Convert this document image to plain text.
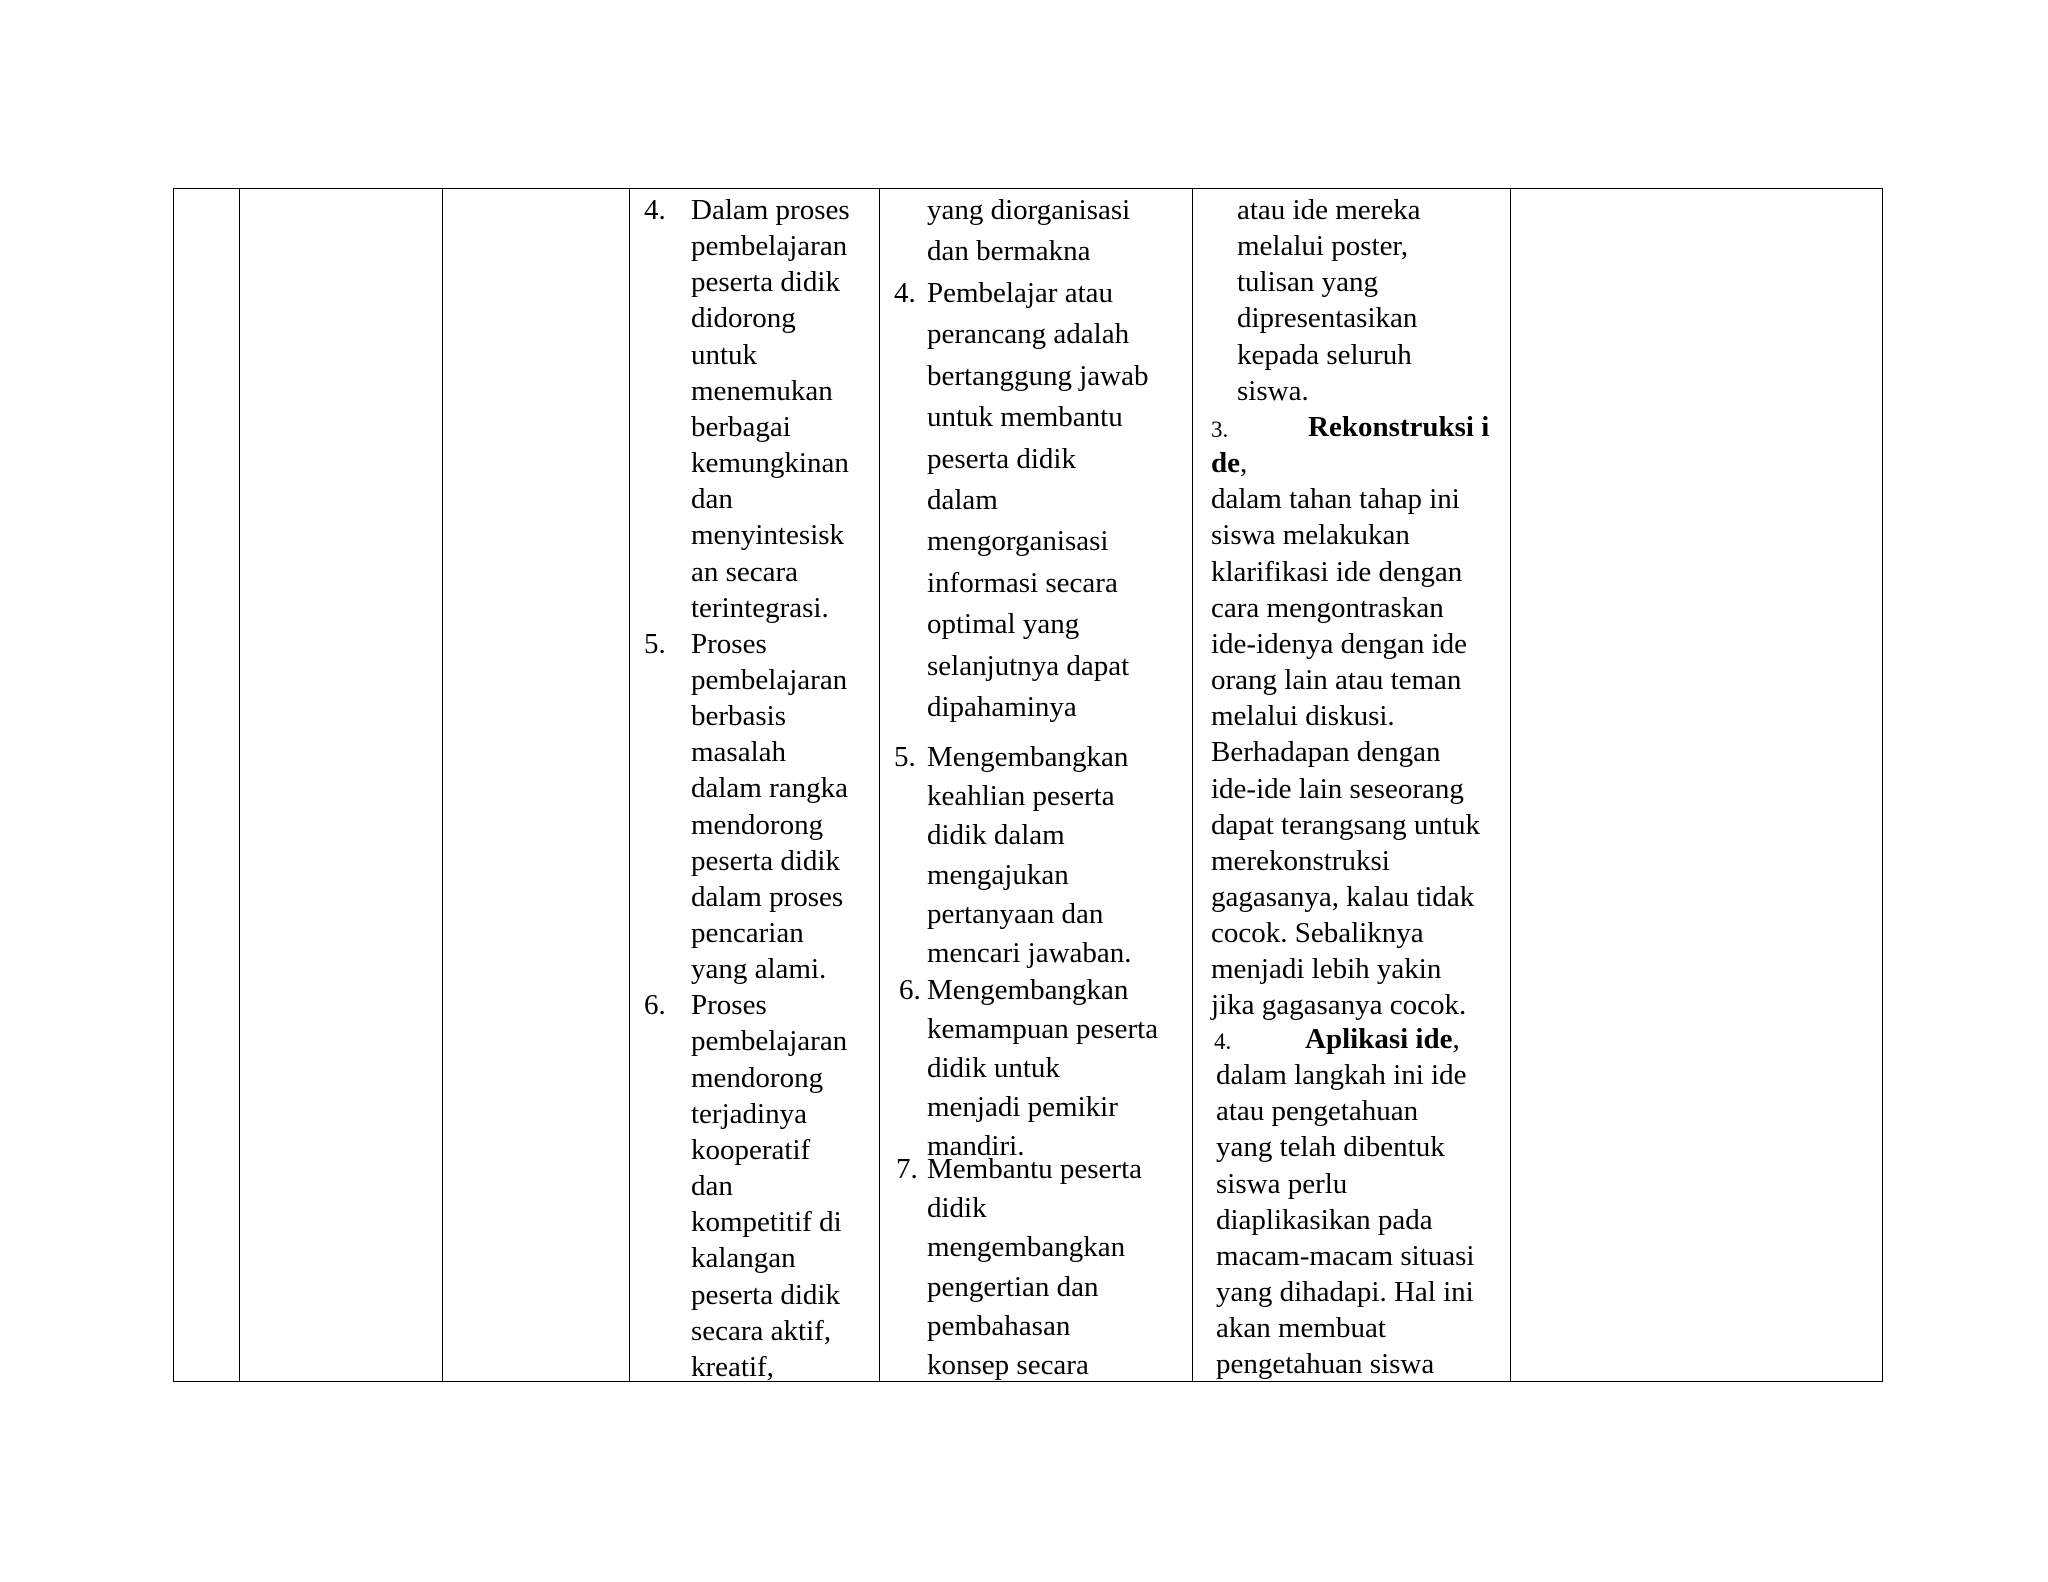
4. Dalam proses
pembelajaran
peserta didik
didorong
untuk
menemukan
berbagai
kemungkinan
dan
menyintesisk
an secara
terintegrasi.
5. Proses
pembelajaran
berbasis
masalah
dalam rangka
mendorong
peserta didik
dalam proses
pencarian
yang alami.
6. Proses
pembelajaran
mendorong
terjadinya
kooperatif
dan
kompetitif di
kalangan
peserta didik
secara aktif,
kreatif,
yang diorganisasi
dan bermakna
4. Pembelajar atau
perancang adalah
bertanggung jawab
untuk membantu
peserta didik
dalam
mengorganisasi
informasi secara
optimal yang
selanjutnya dapat
dipahaminya
5. Mengembangkan
keahlian peserta
didik dalam
mengajukan
pertanyaan dan
mencari jawaban.
6. Mengembangkan
kemampuan peserta
didik untuk
menjadi pemikir
mandiri.
7. Membantu peserta
didik
mengembangkan
pengertian dan
pembahasan
konsep secara
atau ide mereka
melalui poster,
tulisan yang
dipresentasikan
kepada seluruh
siswa.
3.	Rekonstruksi i
de,
dalam tahan tahap ini
siswa melakukan
klarifikasi ide dengan
cara mengontraskan
ide-idenya dengan ide
orang lain atau teman
melalui diskusi.
Berhadapan dengan
ide-ide lain seseorang
dapat terangsang untuk
merekonstruksi
gagasanya, kalau tidak
cocok. Sebaliknya
menjadi lebih yakin
jika gagasanya cocok.
4.	Aplikasi ide,
dalam langkah ini ide
atau pengetahuan
yang telah dibentuk
siswa perlu
diaplikasikan pada
macam-macam situasi
yang dihadapi. Hal ini
akan membuat
pengetahuan siswa
